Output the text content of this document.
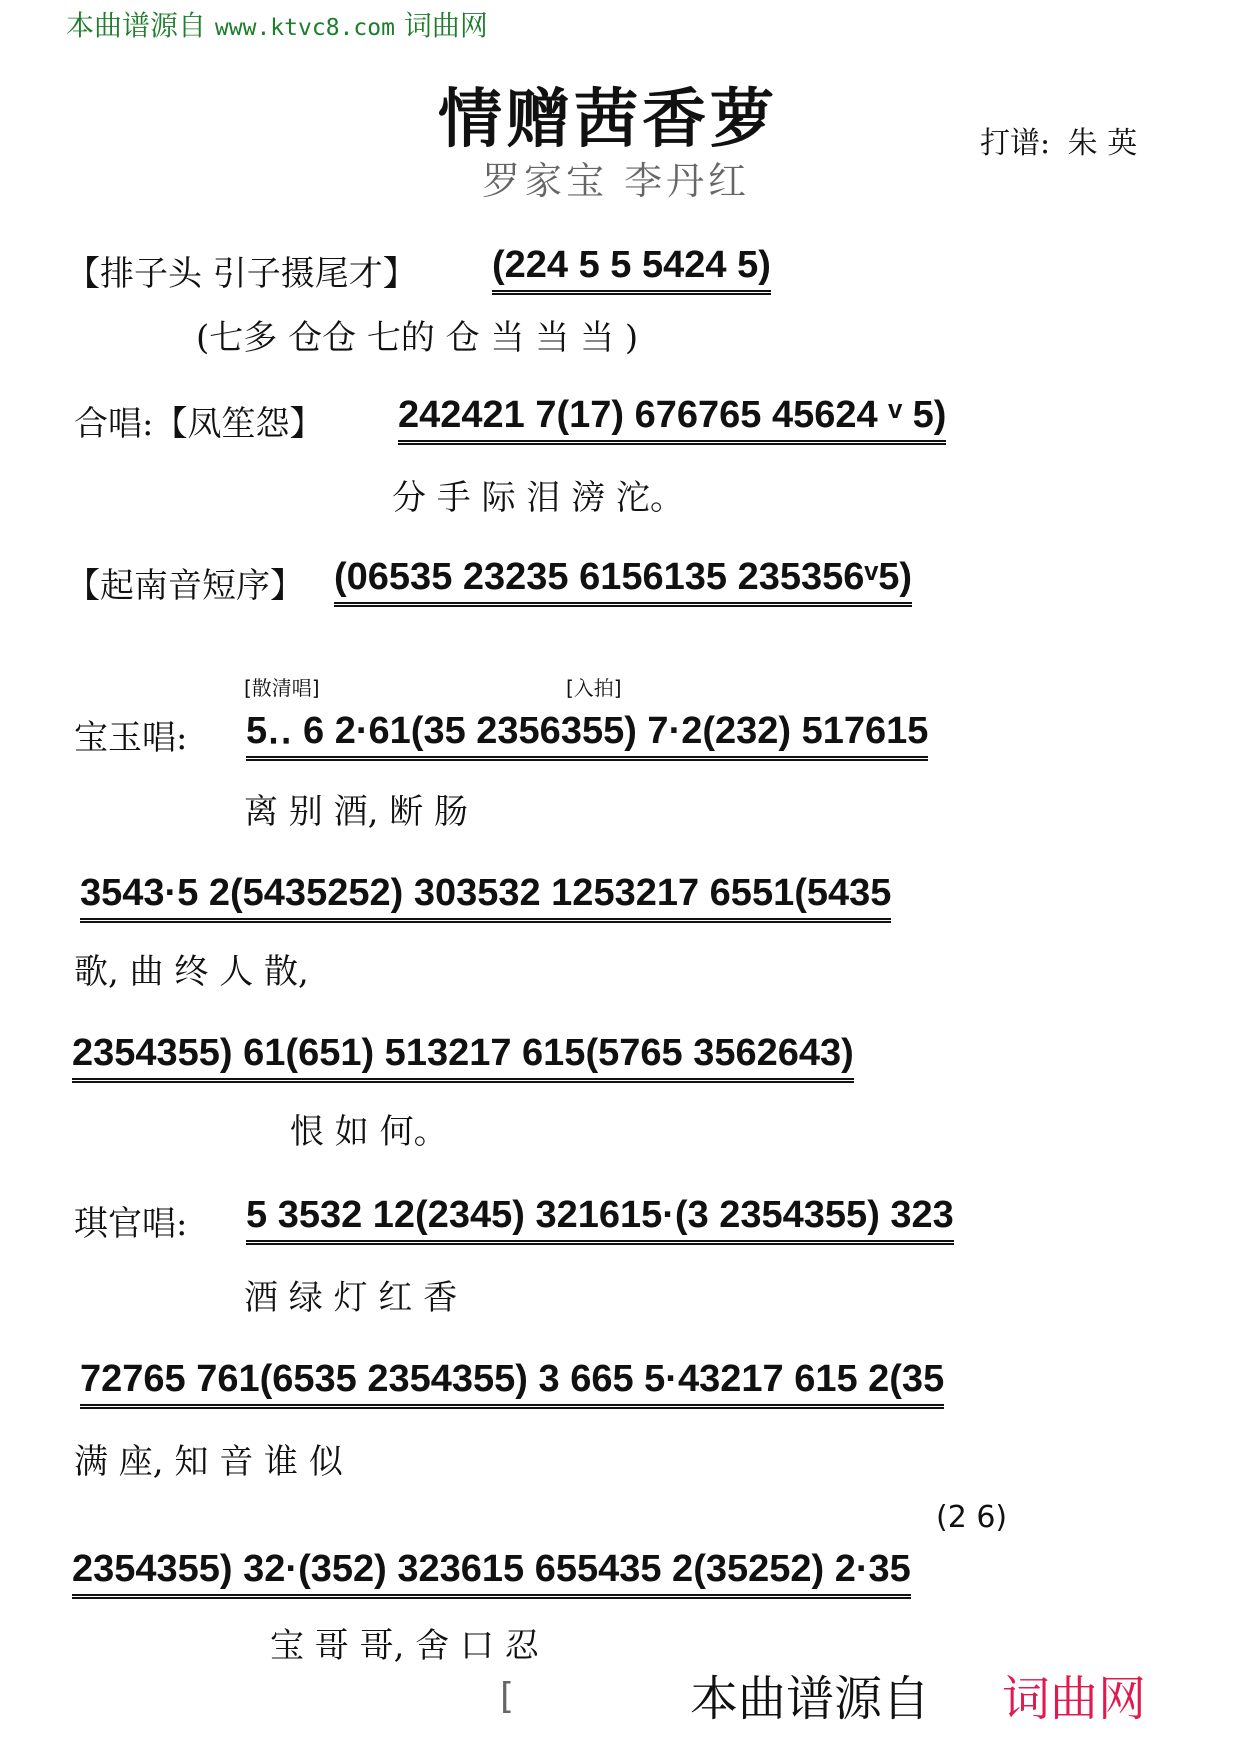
本曲谱源自 www.ktvc8.com 词曲网
情赠茜香萝
罗家宝 李丹红
打谱: 朱 英
【排子头 引子摄尾才】 (224 5 5 5424 5)
(七多 仓仓 七的 仓 当 当 当 )
合唱:【凤笙怨】 242421 7(17) 676765 45624 ᵛ 5)
分 手 际 泪 滂 沱。
【起南音短序】 (06535 23235 6156135 235356ᵛ5)
[散清唱]	[入拍]
宝玉唱: 5‥ 6 2·61(35 2356355) 7·2(232) 517615
离 别 酒, 断 肠
3543·5 2(5435252) 303532 1253217 6551(5435
歌, 曲 终 人 散,
2354355) 61(651) 513217 615(5765 3562643)
恨 如 何。
琪官唱: 5 3532 12(2345) 321615·(3 2354355) 323
酒 绿 灯 红 香
72765 761(6535 2354355) 3 665 5·43217 615 2(35
满 座, 知 音 谁 似
(2 6)
2354355) 32·(352) 323615 655435 2(35252) 2·35
宝 哥 哥, 舍 口 忍
[	本曲谱源自 词曲网
